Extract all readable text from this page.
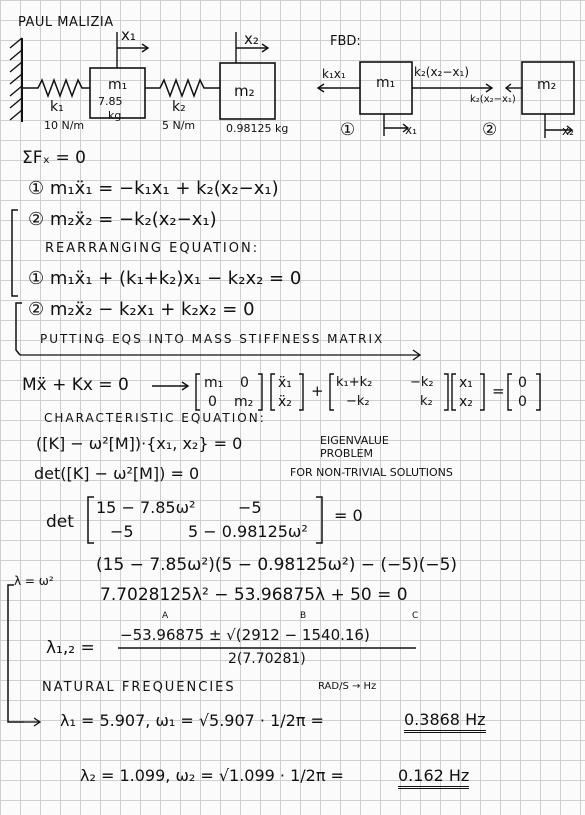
PAUL MALIZIA
x₁	x₂
m₁
7.85
kg
m₂
0.98125 kg
k₁
10 N/m
k₂
5 N/m
FBD:
k₁x₁
m₁
k₂(x₂−x₁)
m₂
k₂(x₂−x₁)
①	x₁	②	x₂
ΣFₓ = 0
① m₁ẍ₁ = −k₁x₁ + k₂(x₂−x₁)
② m₂ẍ₂ = −k₂(x₂−x₁)
REARRANGING EQUATION:
① m₁ẍ₁ + (k₁+k₂)x₁ − k₂x₂ = 0
② m₂ẍ₂ − k₂x₁ + k₂x₂ = 0
PUTTING EQS INTO MASS STIFFNESS MATRIX
Mẍ + Kx = 0	m₁ 0
0 m₂
ẍ₁
ẍ₂
+ k₁+k₂	−k₂
−k₂	k₂
x₁
x₂
= 0
0
CHARACTERISTIC EQUATION:
([K] − ω²[M])·{x₁, x₂} = 0	EIGENVALUE PROBLEM
det([K] − ω²[M]) = 0	FOR NON-TRIVIAL SOLUTIONS
det
15 − 7.85ω²	−5
−5	5 − 0.98125ω²
= 0
λ = ω²
(15 − 7.85ω²)(5 − 0.98125ω²) − (−5)(−5)
7.7028125λ² − 53.96875λ + 50 = 0
A	B	C
λ₁,₂ =
−53.96875 ± √(2912 − 1540.16)
2(7.70281)
NATURAL FREQUENCIES	RAD/S → Hz
λ₁ = 5.907, ω₁ = √5.907 · 1/2π =	0.3868 Hz
λ₂ = 1.099, ω₂ = √1.099 · 1/2π =	0.162 Hz
